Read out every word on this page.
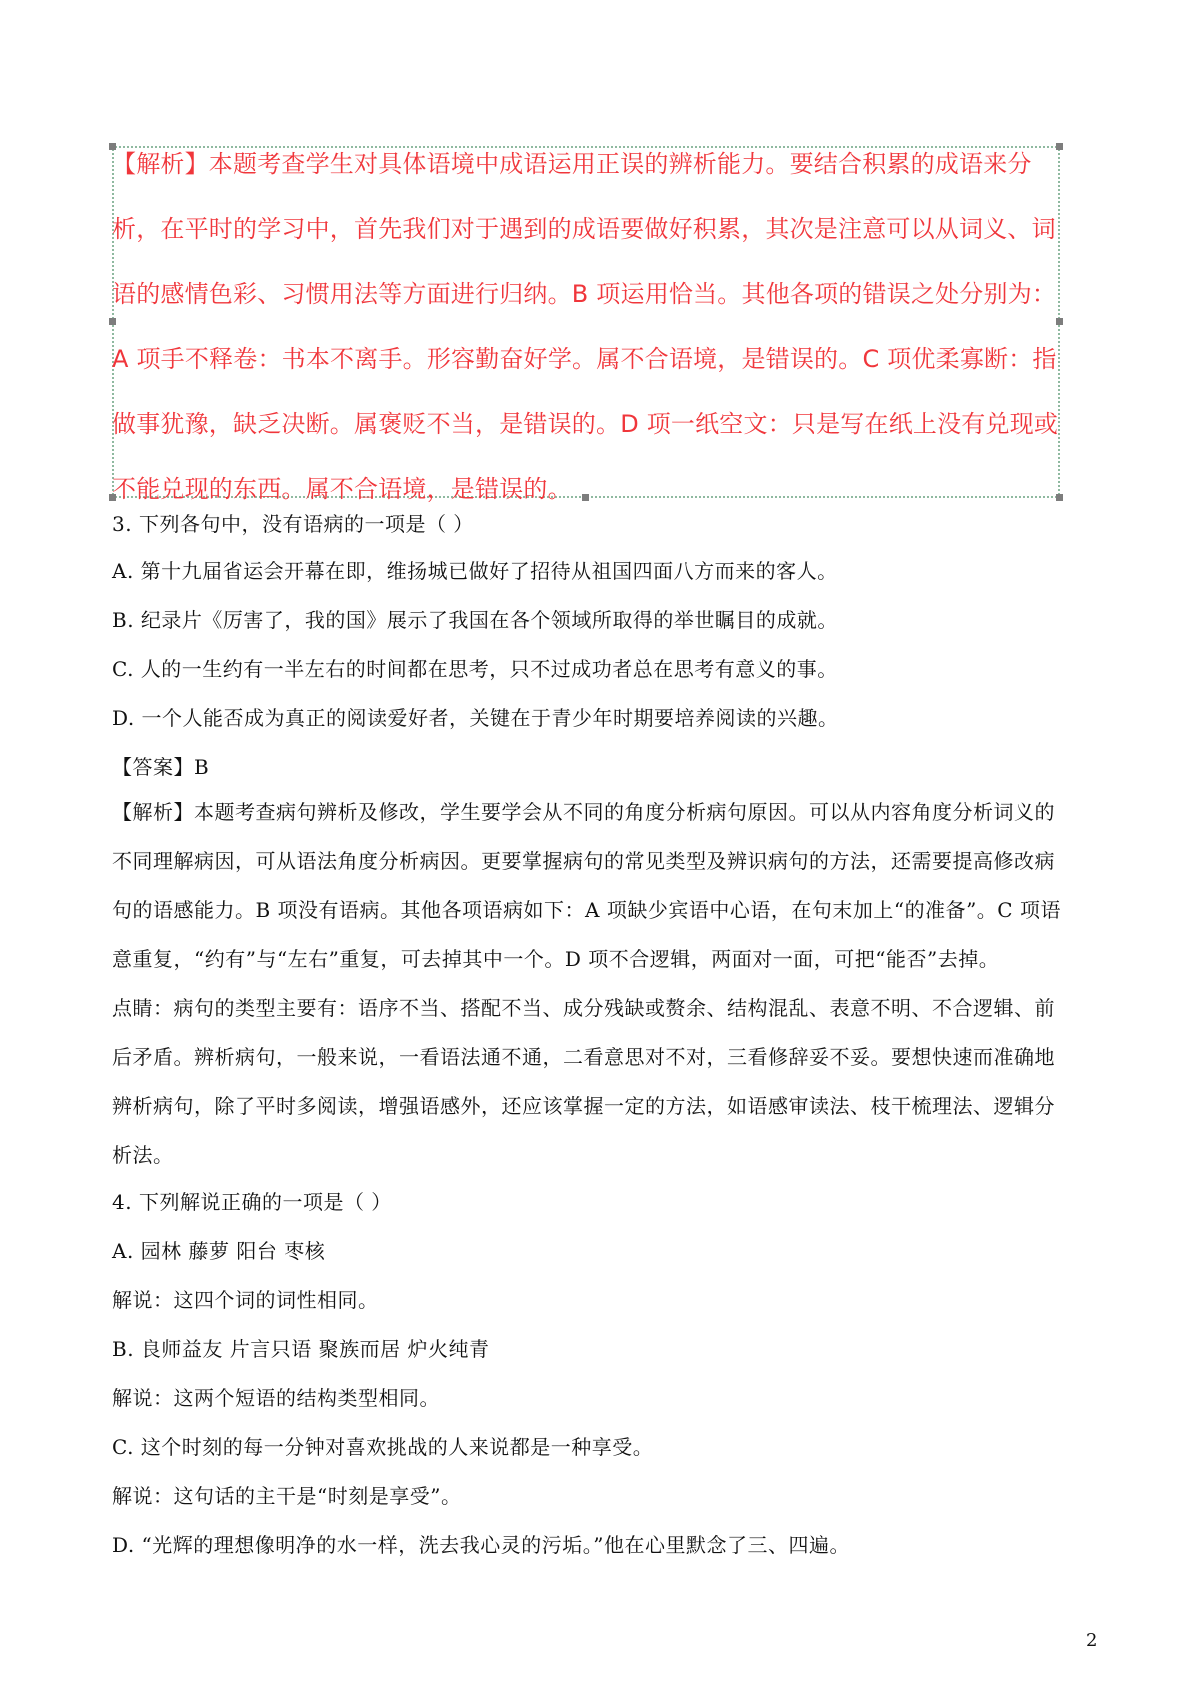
【解析】本题考查学生对具体语境中成语运用正误的辨析能力。要结合积累的成语来分
析，在平时的学习中，首先我们对于遇到的成语要做好积累，其次是注意可以从词义、词
语的感情色彩、习惯用法等方面进行归纳。B 项运用恰当。其他各项的错误之处分别为：
A 项手不释卷：书本不离手。形容勤奋好学。属不合语境，是错误的。C 项优柔寡断：指
做事犹豫，缺乏决断。属褒贬不当，是错误的。D 项一纸空文：只是写在纸上没有兑现或
不能兑现的东西。属不合语境，是错误的。

3. 下列各句中，没有语病的一项是（ ）

A. 第十九届省运会开幕在即，维扬城已做好了招待从祖国四面八方而来的客人。

B. 纪录片《厉害了，我的国》展示了我国在各个领域所取得的举世瞩目的成就。

C. 人的一生约有一半左右的时间都在思考，只不过成功者总在思考有意义的事。

D. 一个人能否成为真正的阅读爱好者，关键在于青少年时期要培养阅读的兴趣。

【答案】B

【解析】本题考查病句辨析及修改，学生要学会从不同的角度分析病句原因。可以从内容角度分析词义的
不同理解病因，可从语法角度分析病因。更要掌握病句的常见类型及辨识病句的方法，还需要提高修改病
句的语感能力。B 项没有语病。其他各项语病如下：A 项缺少宾语中心语，在句末加上“的准备”。C 项语
意重复，“约有”与“左右”重复，可去掉其中一个。D 项不合逻辑，两面对一面，可把“能否”去掉。
点睛：病句的类型主要有：语序不当、搭配不当、成分残缺或赘余、结构混乱、表意不明、不合逻辑、前
后矛盾。辨析病句，一般来说，一看语法通不通，二看意思对不对，三看修辞妥不妥。要想快速而准确地
辨析病句，除了平时多阅读，增强语感外，还应该掌握一定的方法，如语感审读法、枝干梳理法、逻辑分
析法。

4. 下列解说正确的一项是（ ）

A. 园林 藤萝 阳台 枣核

解说：这四个词的词性相同。

B. 良师益友 片言只语 聚族而居 炉火纯青

解说：这两个短语的结构类型相同。

C. 这个时刻的每一分钟对喜欢挑战的人来说都是一种享受。

解说：这句话的主干是“时刻是享受”。

D. “光辉的理想像明净的水一样，洗去我心灵的污垢。”他在心里默念了三、四遍。

2
